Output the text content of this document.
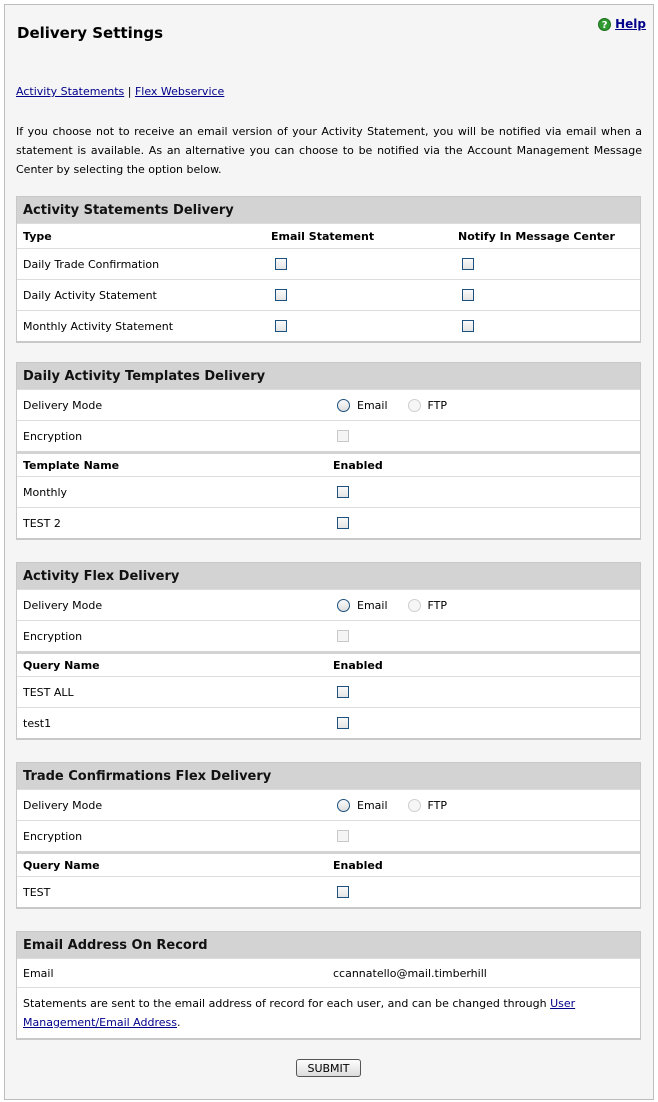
Delivery Settings	? Help
Activity Statements | Flex Webservice
If you choose not to receive an email version of your Activity Statement, you will be notified via email when a statement is available. As an alternative you can choose to be notified via the Account Management Message Center by selecting the option below.
Activity Statements Delivery
Type	Email Statement	Notify In Message Center
Daily Trade Confirmation
Daily Activity Statement
Monthly Activity Statement
Daily Activity Templates Delivery
Delivery Mode	Email	FTP
Encryption
Template Name	Enabled
Monthly
TEST 2
Activity Flex Delivery
Delivery Mode	Email	FTP
Encryption
Query Name	Enabled
TEST ALL
test1
Trade Confirmations Flex Delivery
Delivery Mode	Email	FTP
Encryption
Query Name	Enabled
TEST
Email Address On Record
Email	ccannatello@mail.timberhill
Statements are sent to the email address of record for each user, and can be changed through User Management/Email Address.
SUBMIT
